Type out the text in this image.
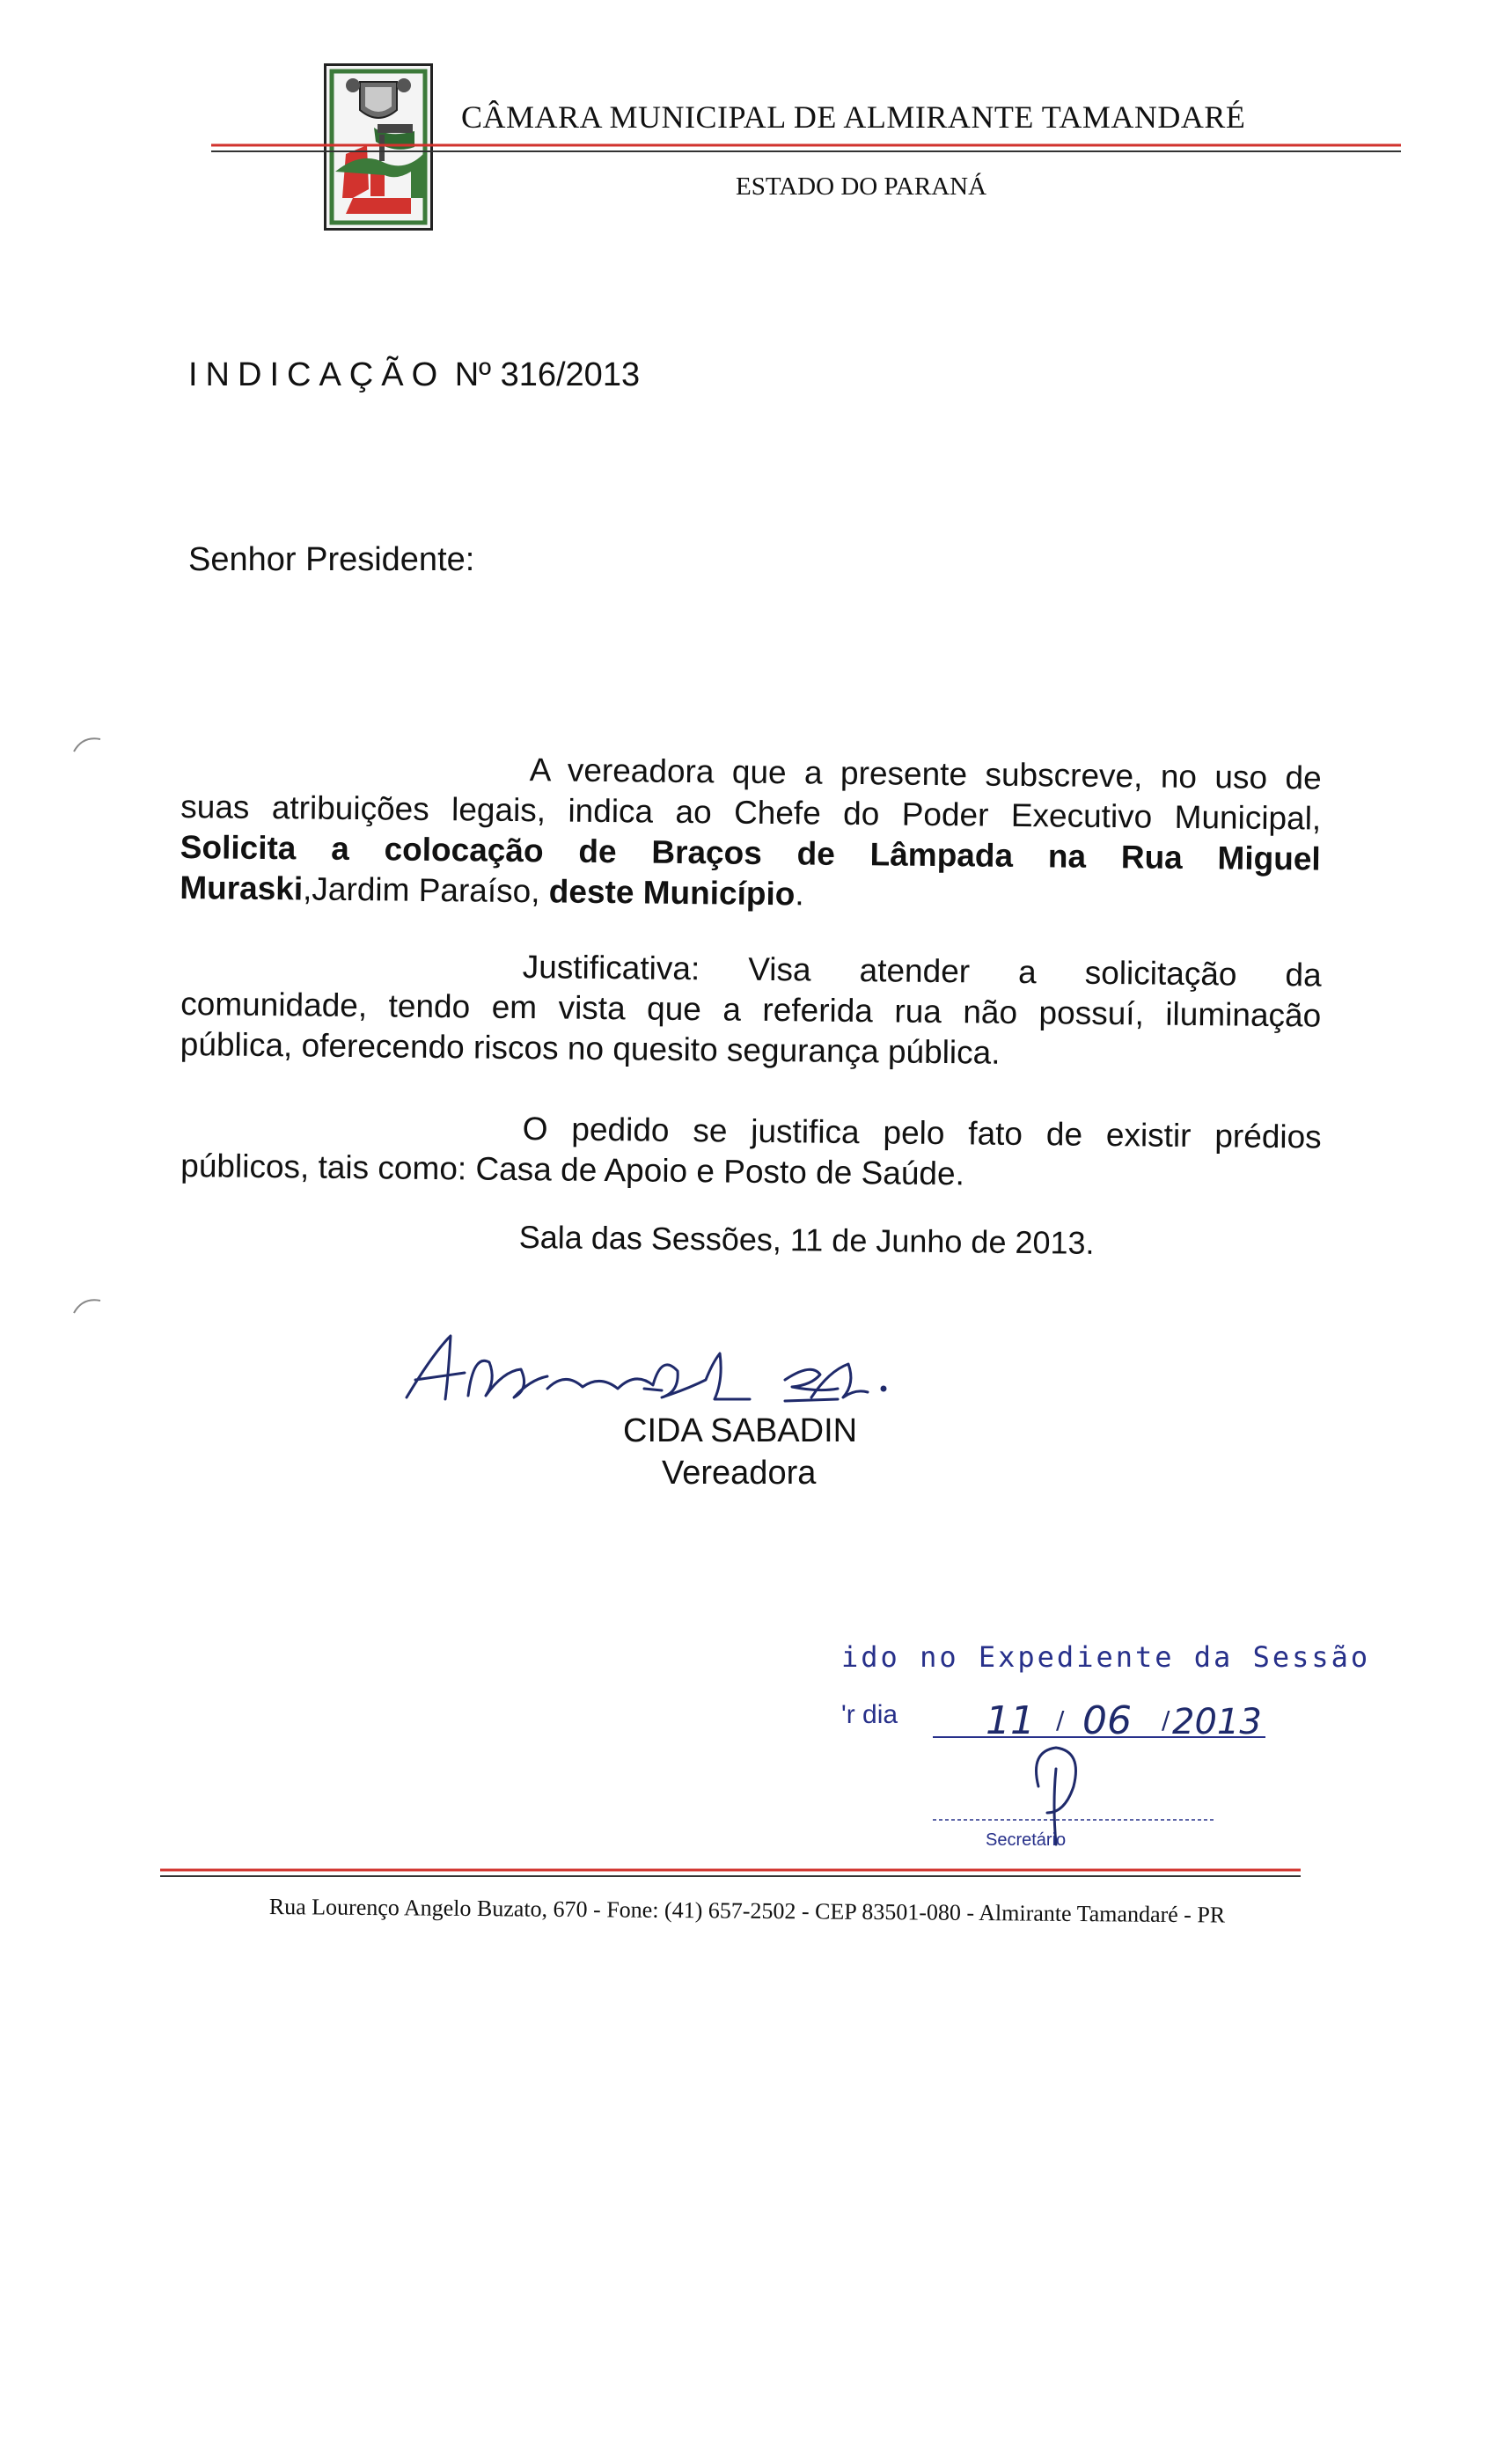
CÂMARA MUNICIPAL DE ALMIRANTE TAMANDARÉ
ESTADO DO PARANÁ
INDICAÇÃO Nº 316/2013
Senhor Presidente:
A vereadora que a presente subscreve, no uso de
suas atribuições legais, indica ao Chefe do Poder Executivo Municipal,
Solicita a colocação de Braços de Lâmpada na Rua Miguel
Muraski,Jardim Paraíso, deste Município.
Justificativa: Visa atender a solicitação da
comunidade, tendo em vista que a referida rua não possuí, iluminação
pública, oferecendo riscos no quesito segurança pública.
O pedido se justifica pelo fato de existir prédios
públicos, tais como: Casa de Apoio e Posto de Saúde.
Sala das Sessões, 11 de Junho de 2013.
CIDA SABADIN
Vereadora
ido no Expediente da Sessão
'r dia 11 / 06 / 2013
Secretário
Rua Lourenço Angelo Buzato, 670 - Fone: (41) 657-2502 - CEP 83501-080 - Almirante Tamandaré - PR
